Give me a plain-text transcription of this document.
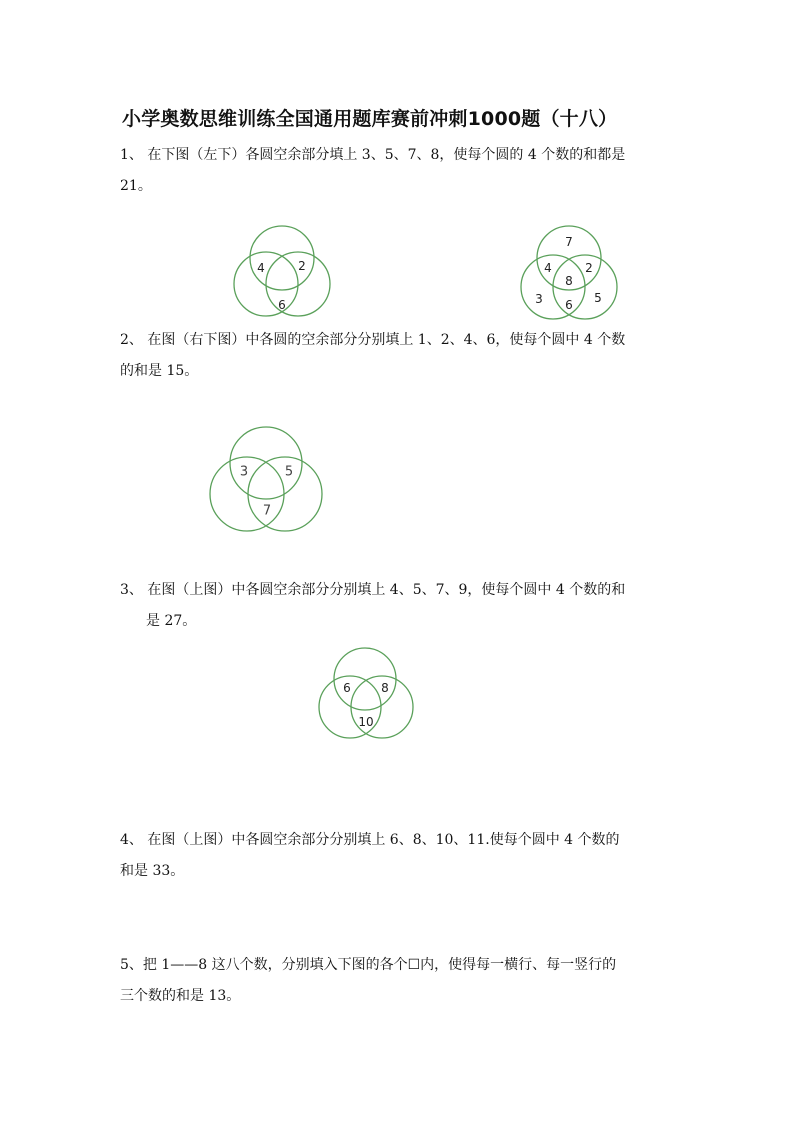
小学奥数思维训练全国通用题库赛前冲刺1000题（十八）
1、 在下图（左下）各圆空余部分填上 3、5、7、8，使每个圆的 4 个数的和都是
21。
4	2
6
7
4
8
2
3 6 5
2、 在图（右下图）中各圆的空余部分分别填上 1、2、4、6，使每个圆中 4 个数
的和是 15。
3	5
7
3、 在图（上图）中各圆空余部分分别填上 4、5、7、9，使每个圆中 4 个数的和
是 27。
6	8
10
4、 在图（上图）中各圆空余部分分别填上 6、8、10、11.使每个圆中 4 个数的
和是 33。
5、把 1——8 这八个数，分别填入下图的各个☐内，使得每一横行、每一竖行的
三个数的和是 13。
